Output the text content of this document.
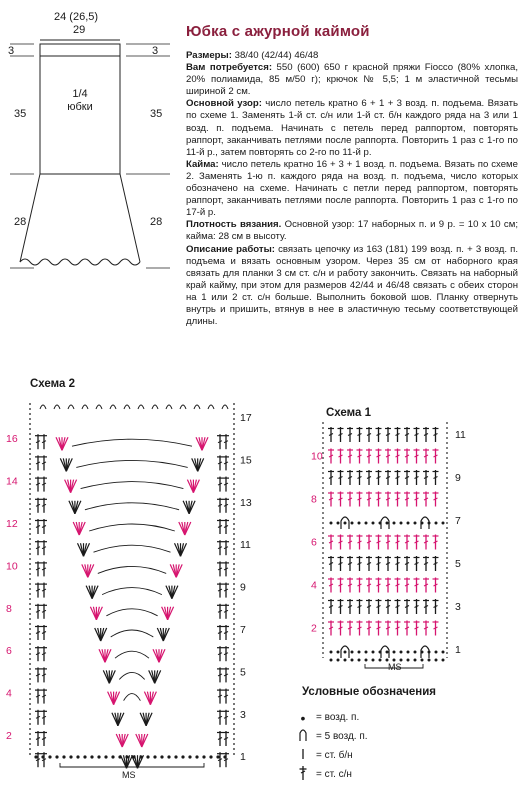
24 (26,5)
29
3	3
35	35
28	28
1/4
юбки
Юбка с ажурной каймой
Размеры: 38/40 (42/44) 46/48
Вам потребуется: 550 (600) 650 г красной пряжи Fiocco (80% хлопка, 20% полиамида, 85 м/50 г); крючок № 5,5; 1 м эластичной тесьмы шириной 2 см.
Основной узор: число петель кратно 6 + 1 + 3 возд. п. подъема. Вязать по схеме 1. Заменять 1-й ст. с/н или 1-й ст. б/н каждого ряда на 3 или 1 возд. п. подъема. Начинать с петель перед раппортом, повторять раппорт, заканчивать петлями после раппорта. Повторить 1 раз с 1-го по 11-й р., затем повторять со 2-го по 11-й р.
Кайма: число петель кратно 16 + 3 + 1 возд. п. подъема. Вязать по схеме 2. Заменять 1-ю п. каждого ряда на возд. п. подъема, число которых обозначено на схеме. Начинать с петли перед раппортом, повторять раппорт, заканчивать петлями после раппорта. Повторить 1 раз с 1-го по 17-й р.
Плотность вязания. Основной узор: 17 наборных п. и 9 р. = 10 х 10 см; кайма: 28 см в высоту.
Описание работы: связать цепочку из 163 (181) 199 возд. п. + 3 возд. п. подъема и вязать основным узором. Через 35 см от наборного края связать для планки 3 см ст. с/н и работу закончить. Связать на наборный край кайму, при этом для размеров 42/44 и 46/48 связать с обеих сторон на 1 или 2 ст. с/н больше. Выполнить боковой шов. Планку отвернуть внутрь и пришить, втянув в нее в эластичную тесьму соответствующей длины.
Схема 2
1
2
3
4
5
6
7
8
9
10
11
12
13
14
15
16
17
MS
Схема 1
1
2
3
4
5
6
7
8
9
10
11
MS
Условные обозначения
•	= возд. п.
= 5 возд. п.
= ст. б/н
= ст. с/н
